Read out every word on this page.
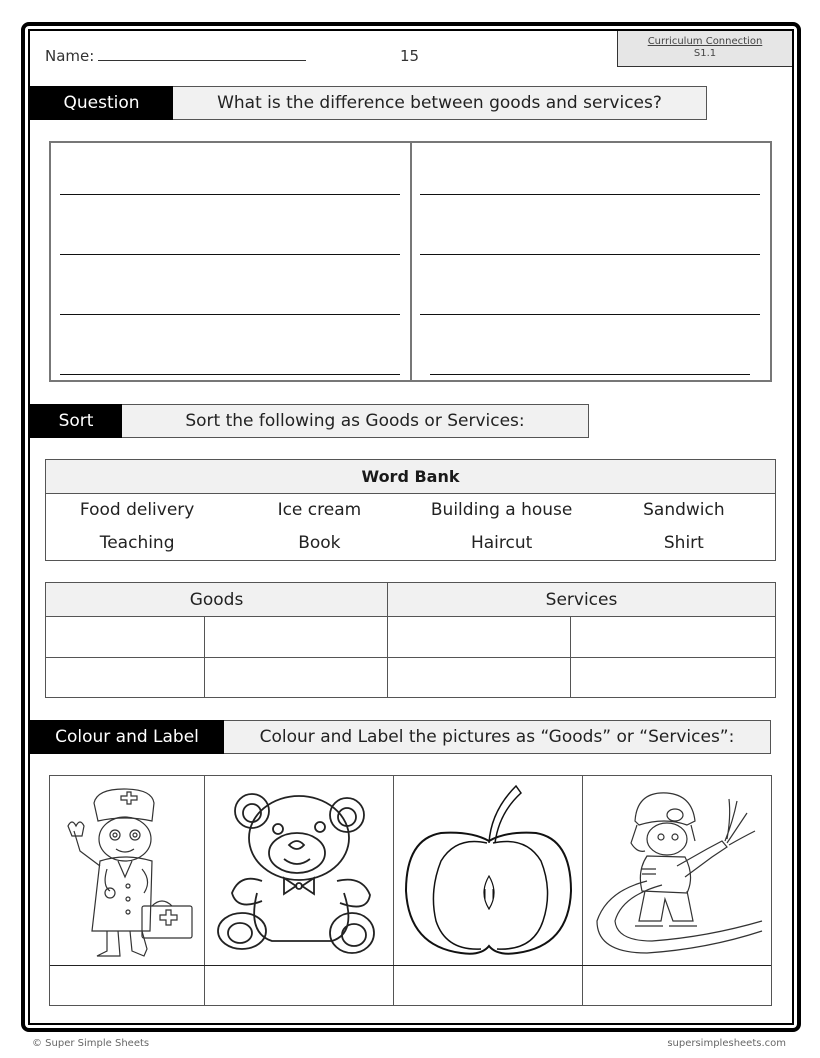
Name:	15
Curriculum Connection
S1.1
Question	What is the difference between goods and services?
Sort	Sort the following as Goods or Services:
Word Bank
Food delivery	Ice cream	Building a house	Sandwich
Teaching	Book	Haircut	Shirt
Goods	Services
Colour and Label	Colour and Label the pictures as “Goods” or “Services”:
© Super Simple Sheets	supersimplesheets.com
